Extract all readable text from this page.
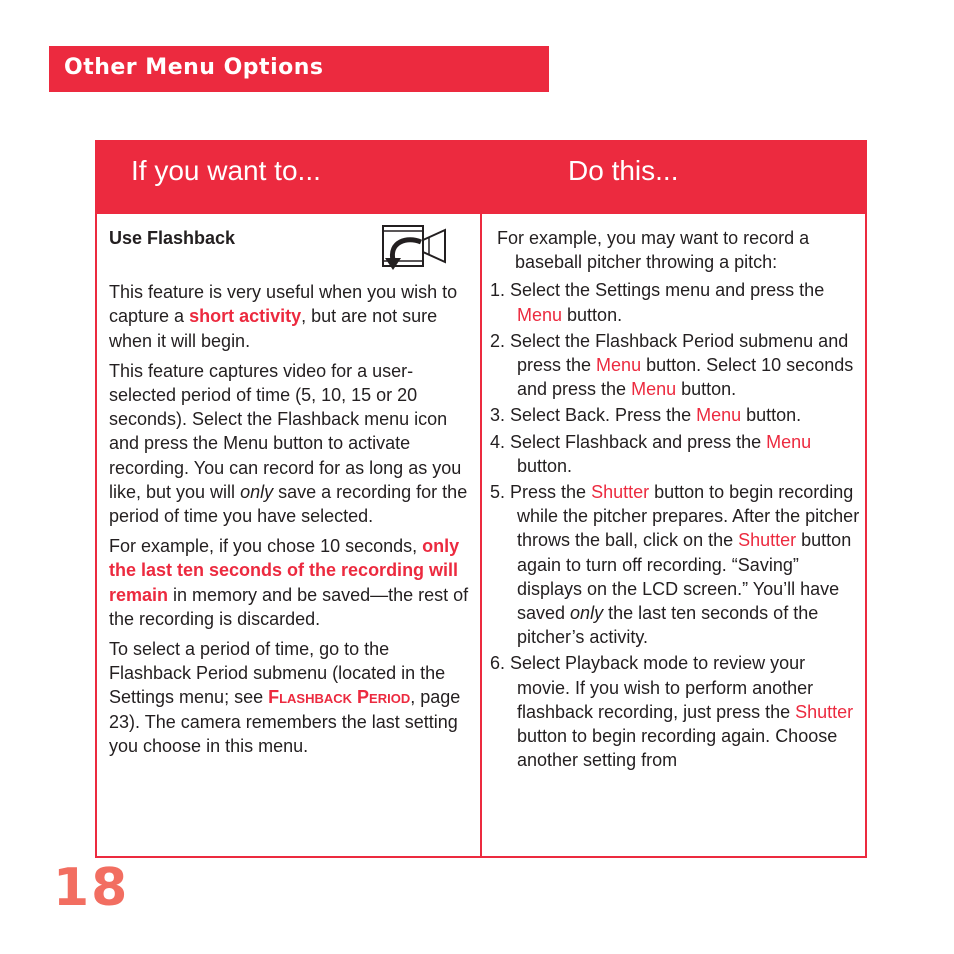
Other Menu Options
If you want to...	Do this...

Use Flashback

This feature is very useful when you wish to capture a short activity, but are not sure when it will begin.

This feature captures video for a user-selected period of time (5, 10, 15 or 20 seconds). Select the Flashback menu icon and press the Menu button to activate recording. You can record for as long as you like, but you will only save a recording for the period of time you have selected.

For example, if you chose 10 seconds, only the last ten seconds of the recording will remain in memory and be saved—the rest of the recording is discarded.

To select a period of time, go to the Flashback Period submenu (located in the Settings menu; see Flashback Period, page 23). The camera remembers the last setting you choose in this menu.

For example, you may want to record a baseball pitcher throwing a pitch:

1. Select the Settings menu and press the Menu button.
2. Select the Flashback Period submenu and press the Menu button. Select 10 seconds and press the Menu button.
3. Select Back. Press the Menu button.
4. Select Flashback and press the Menu button.
5. Press the Shutter button to begin recording while the pitcher prepares. After the pitcher throws the ball, click on the Shutter button again to turn off recording. “Saving” displays on the LCD screen.” You’ll have saved only the last ten seconds of the pitcher’s activity.
6. Select Playback mode to review your movie. If you wish to perform another flashback recording, just press the Shutter button to begin recording again. Choose another setting from
18
